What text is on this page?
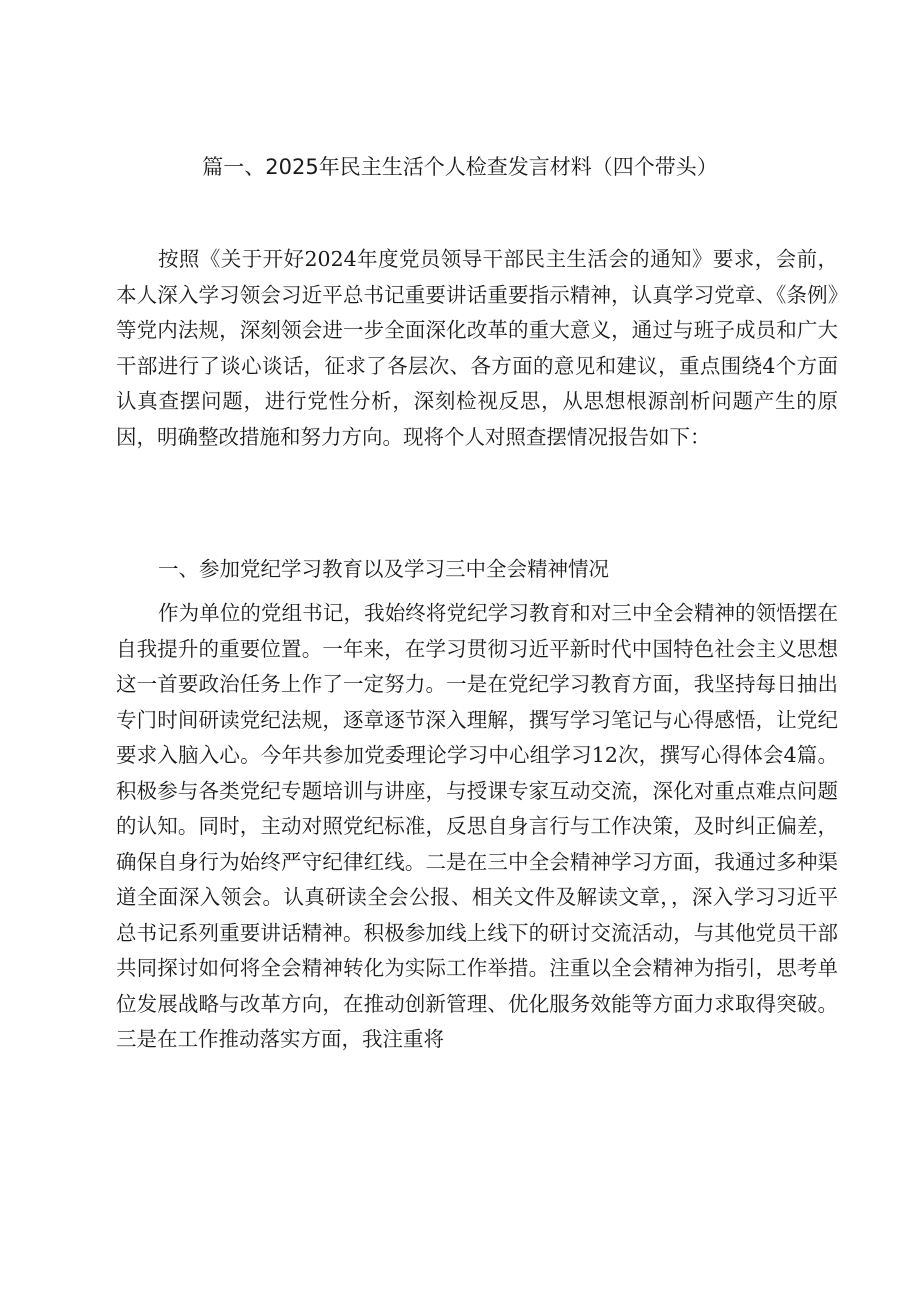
篇一、2025年民主生活个人检查发言材料（四个带头）

按照《关于开好2024年度党员领导干部民主生活会的通知》要求，会前，本人深入学习领会习近平总书记重要讲话重要指示精神，认真学习党章、《条例》等党内法规，深刻领会进一步全面深化改革的重大意义，通过与班子成员和广大干部进行了谈心谈话，征求了各层次、各方面的意见和建议，重点围绕4个方面认真查摆问题，进行党性分析，深刻检视反思，从思想根源剖析问题产生的原因，明确整改措施和努力方向。现将个人对照查摆情况报告如下：

一、参加党纪学习教育以及学习三中全会精神情况

作为单位的党组书记，我始终将党纪学习教育和对三中全会精神的领悟摆在自我提升的重要位置。一年来，在学习贯彻习近平新时代中国特色社会主义思想这一首要政治任务上作了一定努力。一是在党纪学习教育方面，我坚持每日抽出专门时间研读党纪法规，逐章逐节深入理解，撰写学习笔记与心得感悟，让党纪要求入脑入心。今年共参加党委理论学习中心组学习12次，撰写心得体会4篇。积极参与各类党纪专题培训与讲座，与授课专家互动交流，深化对重点难点问题的认知。同时，主动对照党纪标准，反思自身言行与工作决策，及时纠正偏差，确保自身行为始终严守纪律红线。二是在三中全会精神学习方面，我通过多种渠道全面深入领会。认真研读全会公报、相关文件及解读文章，，深入学习习近平总书记系列重要讲话精神。积极参加线上线下的研讨交流活动，与其他党员干部共同探讨如何将全会精神转化为实际工作举措。注重以全会精神为指引，思考单位发展战略与改革方向，在推动创新管理、优化服务效能等方面力求取得突破。三是在工作推动落实方面，我注重将
